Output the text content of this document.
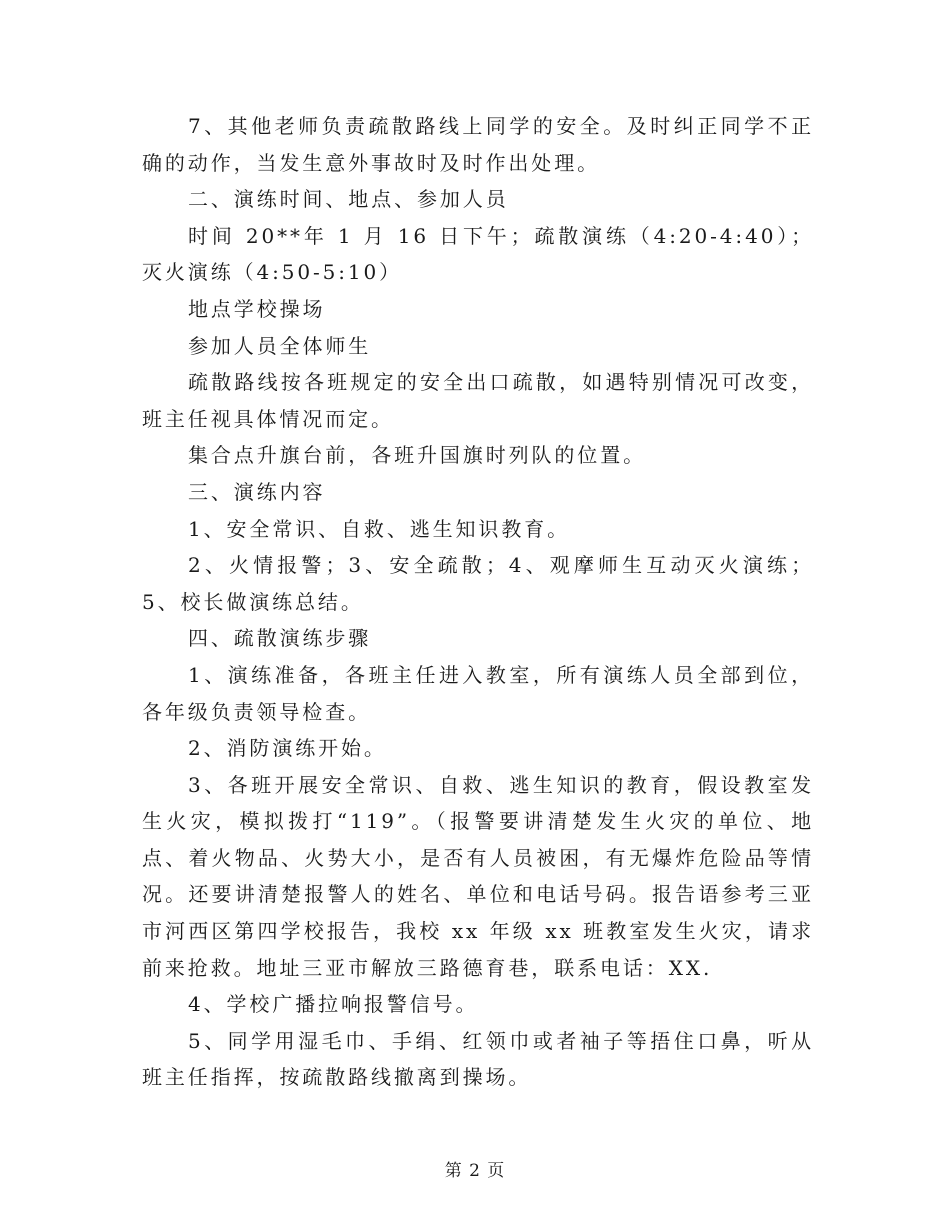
7、其他老师负责疏散路线上同学的安全。及时纠正同学不正确的动作，当发生意外事故时及时作出处理。

二、演练时间、地点、参加人员

时间 20**年 1 月 16 日下午；疏散演练（4:20-4:40）；灭火演练（4:50-5:10）

地点学校操场

参加人员全体师生

疏散路线按各班规定的安全出口疏散，如遇特别情况可改变，班主任视具体情况而定。

集合点升旗台前，各班升国旗时列队的位置。

三、演练内容

1、安全常识、自救、逃生知识教育。

2、火情报警；3、安全疏散；4、观摩师生互动灭火演练；5、校长做演练总结。

四、疏散演练步骤

1、演练准备，各班主任进入教室，所有演练人员全部到位，各年级负责领导检查。

2、消防演练开始。

3、各班开展安全常识、自救、逃生知识的教育，假设教室发生火灾，模拟拨打“119”。（报警要讲清楚发生火灾的单位、地点、着火物品、火势大小，是否有人员被困，有无爆炸危险品等情况。还要讲清楚报警人的姓名、单位和电话号码。报告语参考三亚市河西区第四学校报告，我校 xx 年级 xx 班教室发生火灾，请求前来抢救。地址三亚市解放三路德育巷，联系电话：XX.

4、学校广播拉响报警信号。

5、同学用湿毛巾、手绢、红领巾或者袖子等捂住口鼻，听从班主任指挥，按疏散路线撤离到操场。

第 2 页
